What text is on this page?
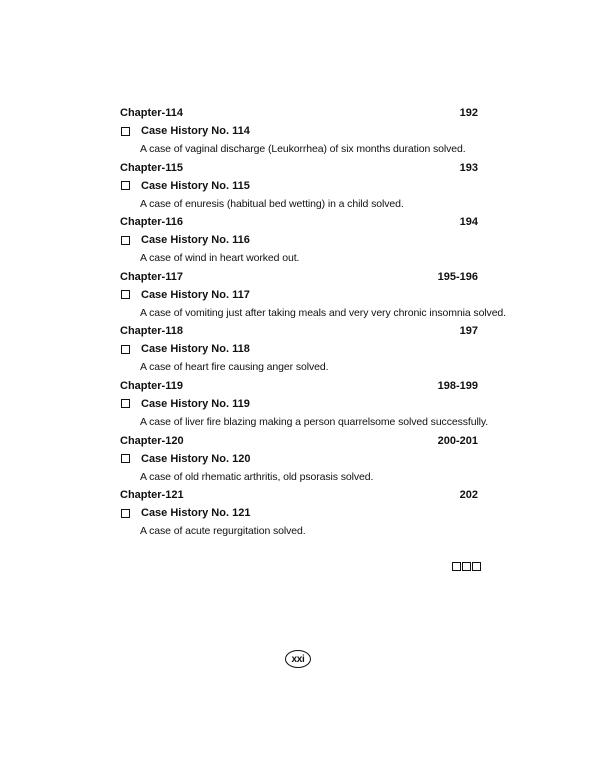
Chapter-114	192
Case History No. 114
A case of vaginal discharge (Leukorrhea) of six months duration solved.
Chapter-115	193
Case History No. 115
A case of enuresis (habitual bed wetting) in a child solved.
Chapter-116	194
Case History No. 116
A case of wind in heart worked out.
Chapter-117	195-196
Case History No. 117
A case of vomiting just after taking meals and very very chronic insomnia solved.
Chapter-118	197
Case History No. 118
A case of heart fire causing anger solved.
Chapter-119	198-199
Case History No. 119
A case of liver fire blazing making a person quarrelsome solved successfully.
Chapter-120	200-201
Case History No. 120
A case of old rhematic arthritis, old psorasis solved.
Chapter-121	202
Case History No. 121
A case of acute regurgitation solved.
xxi
